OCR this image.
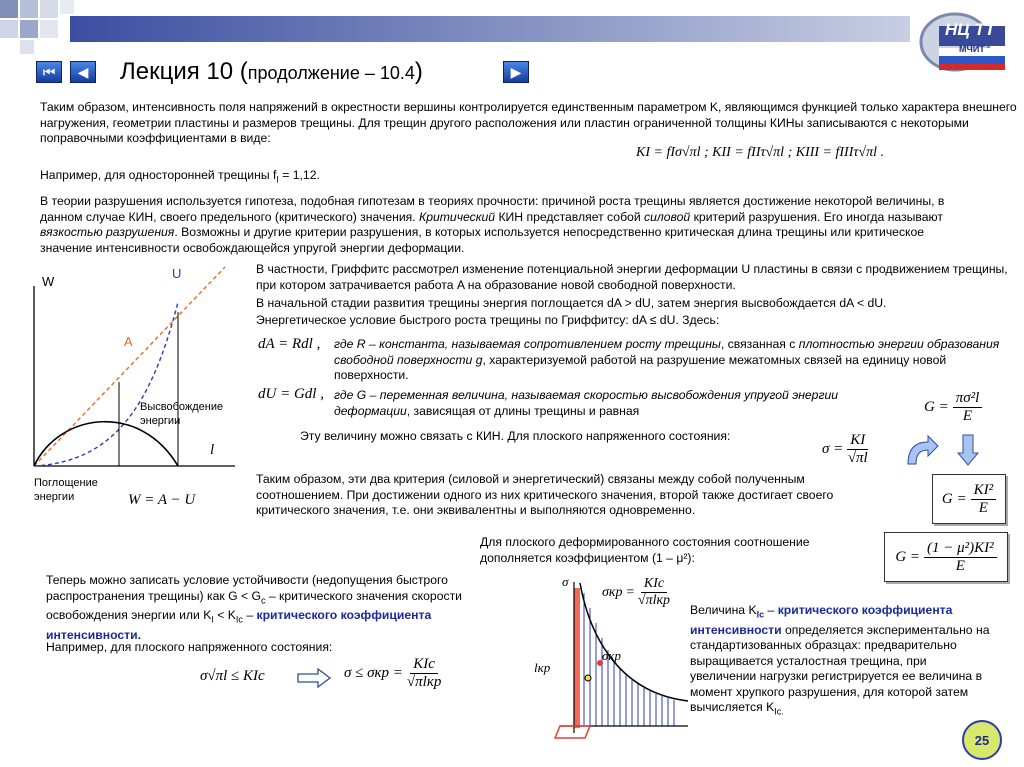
НЦ ТТ
МЧИТ
⏮	◀	▶
Лекция 10 (продолжение – 10.4)
Таким образом, интенсивность поля напряжений в окрестности вершины контролируется единственным параметром K, являющимся функцией только характера внешнего нагружения, геометрии пластины и размеров трещины. Для трещин другого расположения или пластин ограниченной толщины КИНы записываются с некоторыми поправочными коэффициентами в виде:
KI = fIσ√πl ; KII = fIIτ√πl ; KIII = fIIIτ√πl .
Например, для односторонней трещины $f_I = 1,12$.
В теории разрушения используется гипотеза, подобная гипотезам в теориях прочности: причиной роста трещины является достижение некоторой величины, в данном случае КИН, своего предельного (критического) значения. Критический КИН представляет собой силовой критерий разрушения. Его иногда называют вязкостью разрушения. Возможны и другие критерии разрушения, в которых используется непосредственно критическая длина трещины или критическое значение интенсивности освобождающейся упругой энергии деформации.
W
l
U
A
Высвобождение энергии
Поглощение энергии	W = A − U
В частности, Гриффитс рассмотрел изменение потенциальной энергии деформации U пластины в связи с продвижением трещины, при котором затрачивается работа A на образование новой свободной поверхности.
В начальной стадии развития трещины энергия поглощается dA > dU, затем энергия высвобождается dA < dU.
Энергетическое условие быстрого роста трещины по Гриффитсу: dA ≤ dU. Здесь:
dA = Rdl , где R – константа, называемая сопротивлением росту трещины, связанная с плотностью энергии образования свободной поверхности g, характеризуемой работой на разрушение межатомных связей на единицу новой поверхности.
dU = Gdl , где G – переменная величина, называемая скоростью высвобождения упругой энергии деформации, зависящая от длины трещины и равная	$G = \frac{\text{πσ²l}}{E}$
Эту величину можно связать с КИН. Для плоского напряженного состояния:
$\sigma = \frac{KI}{√\pi l}$
$G = \frac{\text{KI²}}{E}$
Таким образом, эти два критерия (силовой и энергетический) связаны между собой полученным соотношением. При достижении одного из них критического значения, второй также достигает своего критического значения, т.е. они эквивалентны и выполняются одновременно.
Для плоского деформированного состояния соотношение дополняется коэффициентом (1 – μ²):	$G = \frac{\text{(1 − μ²)KI²}}{E}$
Теперь можно записать условие устойчивости (недопущения быстрого распространения трещины) как $G < G_c$ – критического значения скорости освобождения энергии или $K_I < K_{Ic}$ – критического коэффициента интенсивности.
Например, для плоского напряженного состояния:
σ√πl ≤ KIc	$\sigma \le \sigma кр = \frac{\text{KIc}}{\text{√πlкр}}$
σ
σкр
lкр
$\sigma кр = \frac{\text{KIc}}{\text{√πlкр}}$
Величина $K_{Ic}$ – критического коэффициента интенсивности определяется экспериментально на стандартизованных образцах: предварительно выращивается усталостная трещина, при увеличении нагрузки регистрируется ее величина в момент хрупкого разрушения, для которой затем вычисляется $K_{Ic.}$
25
